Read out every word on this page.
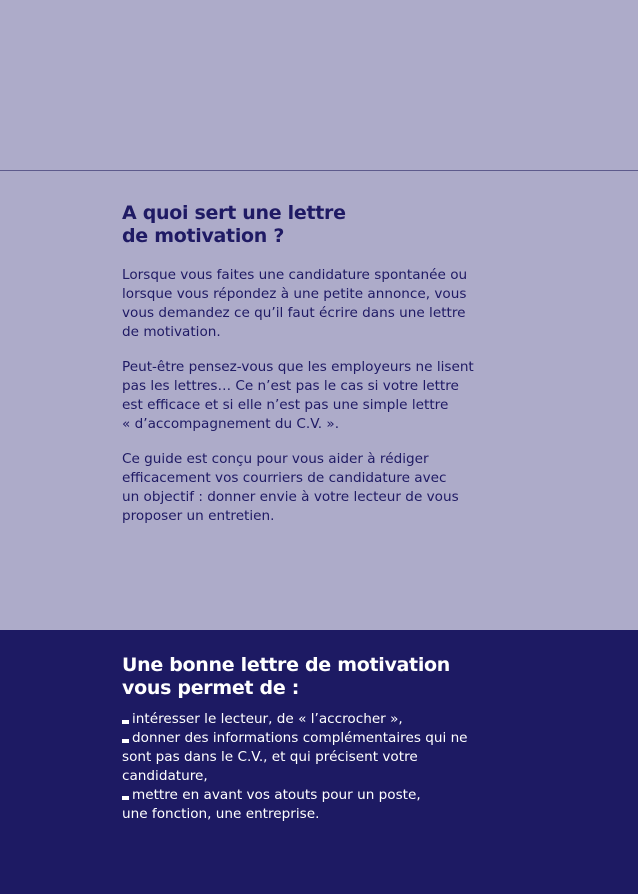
A quoi sert une lettre
de motivation ?

Lorsque vous faites une candidature spontanée ou
lorsque vous répondez à une petite annonce, vous
vous demandez ce qu’il faut écrire dans une lettre
de motivation.

Peut-être pensez-vous que les employeurs ne lisent
pas les lettres… Ce n’est pas le cas si votre lettre
est efficace et si elle n’est pas une simple lettre
« d’accompagnement du C.V. ».

Ce guide est conçu pour vous aider à rédiger
efficacement vos courriers de candidature avec
un objectif : donner envie à votre lecteur de vous
proposer un entretien.

Une bonne lettre de motivation
vous permet de :
intéresser le lecteur, de « l’accrocher »,
donner des informations complémentaires qui ne
sont pas dans le C.V., et qui précisent votre
candidature,
mettre en avant vos atouts pour un poste,
une fonction, une entreprise.
